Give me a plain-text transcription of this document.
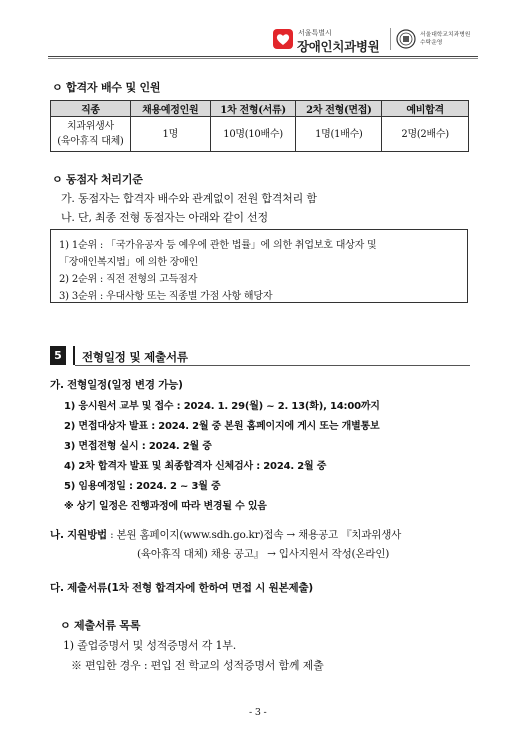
서울특별시
장애인치과병원
서울대학교치과병원
수탁운영
ㅇ 합격자 배수 및 인원
직종	채용예정인원	1차 전형(서류)	2차 전형(면접)	예비합격

치과위생사
(육아휴직 대체)	1명	10명(10배수)	1명(1배수)	2명(2배수)
ㅇ 동점자 처리기준
가. 동점자는 합격자 배수와 관계없이 전원 합격처리 함
나. 단, 최종 전형 동점자는 아래와 같이 선정
1) 1순위 : 「국가유공자 등 예우에 관한 법률」에 의한 취업보호 대상자 및
「장애인복지법」에 의한 장애인
2) 2순위 : 직전 전형의 고득점자
3) 3순위 : 우대사항 또는 직종별 가점 사항 해당자
5	전형일정 및 제출서류
가. 전형일정(일정 변경 가능)
1) 응시원서 교부 및 접수 : 2024. 1. 29(월) ~ 2. 13(화), 14:00까지
2) 면접대상자 발표 : 2024. 2월 중 본원 홈페이지에 게시 또는 개별통보
3) 면접전형 실시 : 2024. 2월 중
4) 2차 합격자 발표 및 최종합격자 신체검사 : 2024. 2월 중
5) 임용예정일 : 2024. 2 ~ 3월 중
※ 상기 일정은 진행과정에 따라 변경될 수 있음
나. 지원방법 : 본원 홈페이지(www.sdh.go.kr)접속 → 채용공고 『치과위생사
(육아휴직 대체) 채용 공고』 → 입사지원서 작성(온라인)
다. 제출서류(1차 전형 합격자에 한하여 면접 시 원본제출)
ㅇ 제출서류 목록
1) 졸업증명서 및 성적증명서 각 1부.
※ 편입한 경우 : 편입 전 학교의 성적증명서 함께 제출
- 3 -
